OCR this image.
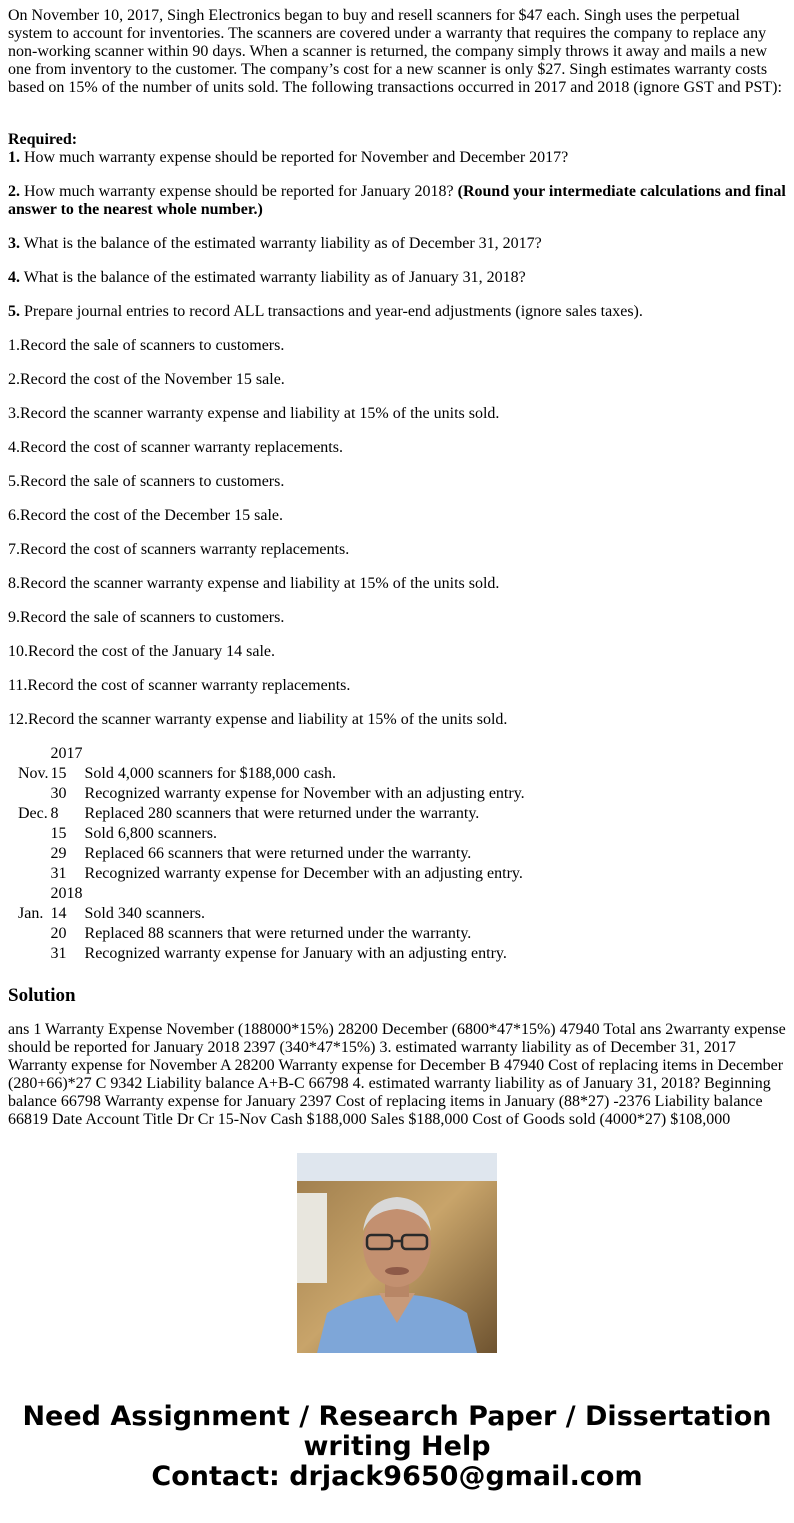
On November 10, 2017, Singh Electronics began to buy and resell scanners for $47 each. Singh uses the perpetual system to account for inventories. The scanners are covered under a warranty that requires the company to replace any non-working scanner within 90 days. When a scanner is returned, the company simply throws it away and mails a new one from inventory to the customer. The company’s cost for a new scanner is only $27. Singh estimates warranty costs based on 15% of the number of units sold. The following transactions occurred in 2017 and 2018 (ignore GST and PST):

Required:

1. How much warranty expense should be reported for November and December 2017?

2. How much warranty expense should be reported for January 2018? (Round your intermediate calculations and final answer to the nearest whole number.)

3. What is the balance of the estimated warranty liability as of December 31, 2017?

4. What is the balance of the estimated warranty liability as of January 31, 2018?

5. Prepare journal entries to record ALL transactions and year-end adjustments (ignore sales taxes).

1.Record the sale of scanners to customers.

2.Record the cost of the November 15 sale.

3.Record the scanner warranty expense and liability at 15% of the units sold.

4.Record the cost of scanner warranty replacements.

5.Record the sale of scanners to customers.

6.Record the cost of the December 15 sale.

7.Record the cost of scanners warranty replacements.

8.Record the scanner warranty expense and liability at 15% of the units sold.

9.Record the sale of scanners to customers.

10.Record the cost of the January 14 sale.

11.Record the cost of scanner warranty replacements.

12.Record the scanner warranty expense and liability at 15% of the units sold.

	2017	
Nov.	15	Sold 4,000 scanners for $188,000 cash.
	30	Recognized warranty expense for November with an adjusting entry.
Dec.	8	Replaced 280 scanners that were returned under the warranty.
	15	Sold 6,800 scanners.
	29	Replaced 66 scanners that were returned under the warranty.
	31	Recognized warranty expense for December with an adjusting entry.
	2018	
Jan.	14	Sold 340 scanners.
	20	Replaced 88 scanners that were returned under the warranty.
	31	Recognized warranty expense for January with an adjusting entry.
Solution

ans 1 Warranty Expense November (188000*15%) 28200 December (6800*47*15%) 47940 Total ans 2warranty expense should be reported for January 2018 2397 (340*47*15%) 3. estimated warranty liability as of December 31, 2017 Warranty expense for November A 28200 Warranty expense for December B 47940 Cost of replacing items in December (280+66)*27 C 9342 Liability balance A+B-C 66798 4. estimated warranty liability as of January 31, 2018? Beginning balance 66798 Warranty expense for January 2397 Cost of replacing items in January (88*27) -2376 Liability balance 66819 Date Account Title Dr Cr 15-Nov Cash $188,000 Sales $188,000 Cost of Goods sold (4000*27) $108,000

Need Assignment / Research Paper / Dissertation
writing Help
Contact: drjack9650@gmail.com
